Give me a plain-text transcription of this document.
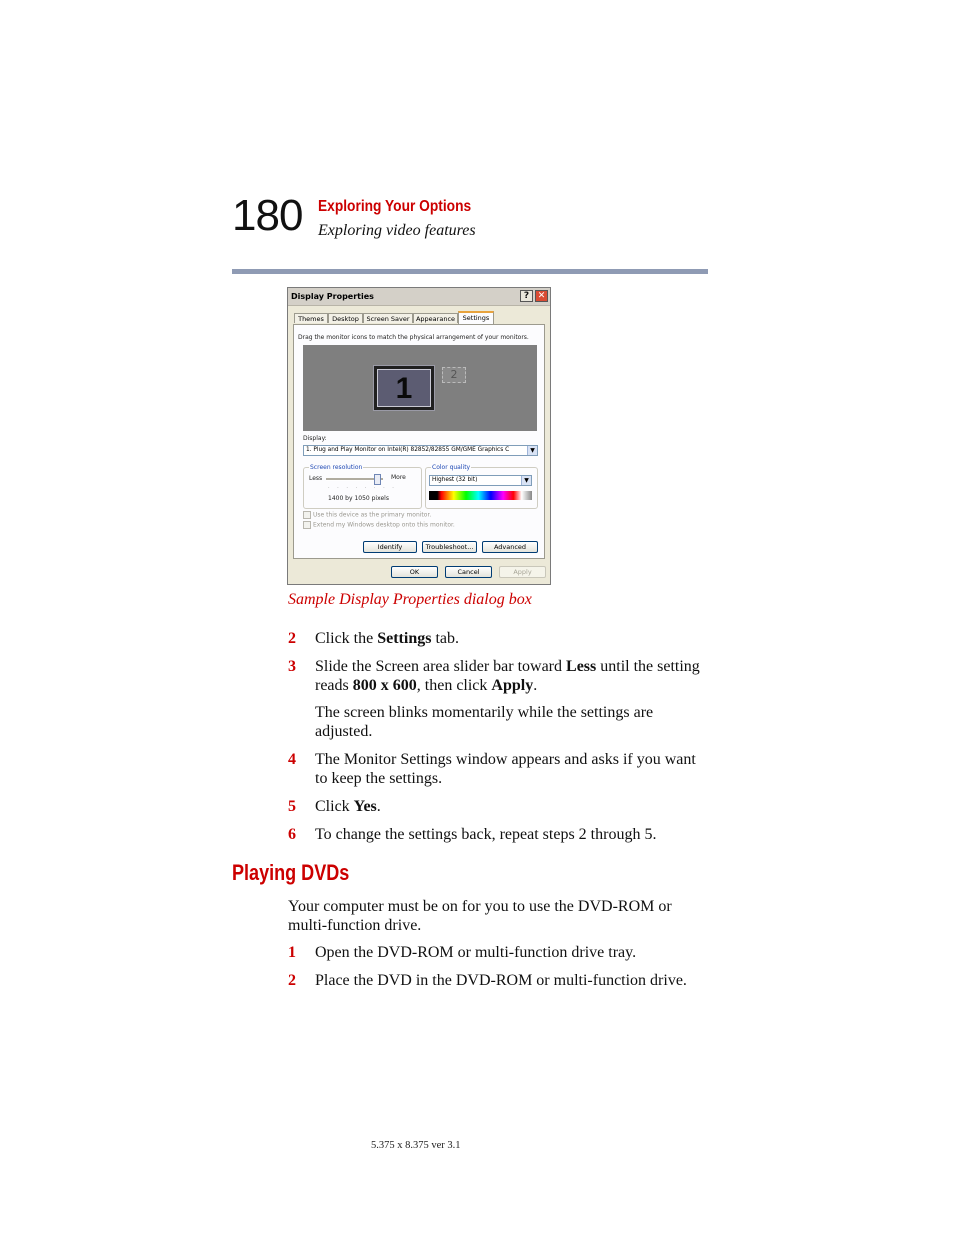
180 Exploring Your Options
Exploring video features
Display Properties	? ✕
Themes	Desktop	Screen Saver Appearance	Settings
Drag the monitor icons to match the physical arrangement of your monitors.
1	2
Display:
1. Plug and Play Monitor on Intel(R) 82852/82855 GM/GME Graphics C	▼
Screen resolution
Less	More
· · · · · · · ·
1400 by 1050 pixels
Color quality
Highest (32 bit)	▼
Use this device as the primary monitor.
Extend my Windows desktop onto this monitor.
Identify	Troubleshoot...	Advanced
OK	Cancel	Apply
Sample Display Properties dialog box
2 Click the Settings tab.
3 Slide the Screen area slider bar toward Less until the setting reads 800 x 600, then click Apply.
The screen blinks momentarily while the settings are adjusted.
4 The Monitor Settings window appears and asks if you want to keep the settings.
5 Click Yes.
6 To change the settings back, repeat steps 2 through 5.
Playing DVDs
Your computer must be on for you to use the DVD-ROM or multi-function drive.
1 Open the DVD-ROM or multi-function drive tray.
2 Place the DVD in the DVD-ROM or multi-function drive.
5.375 x 8.375 ver 3.1
